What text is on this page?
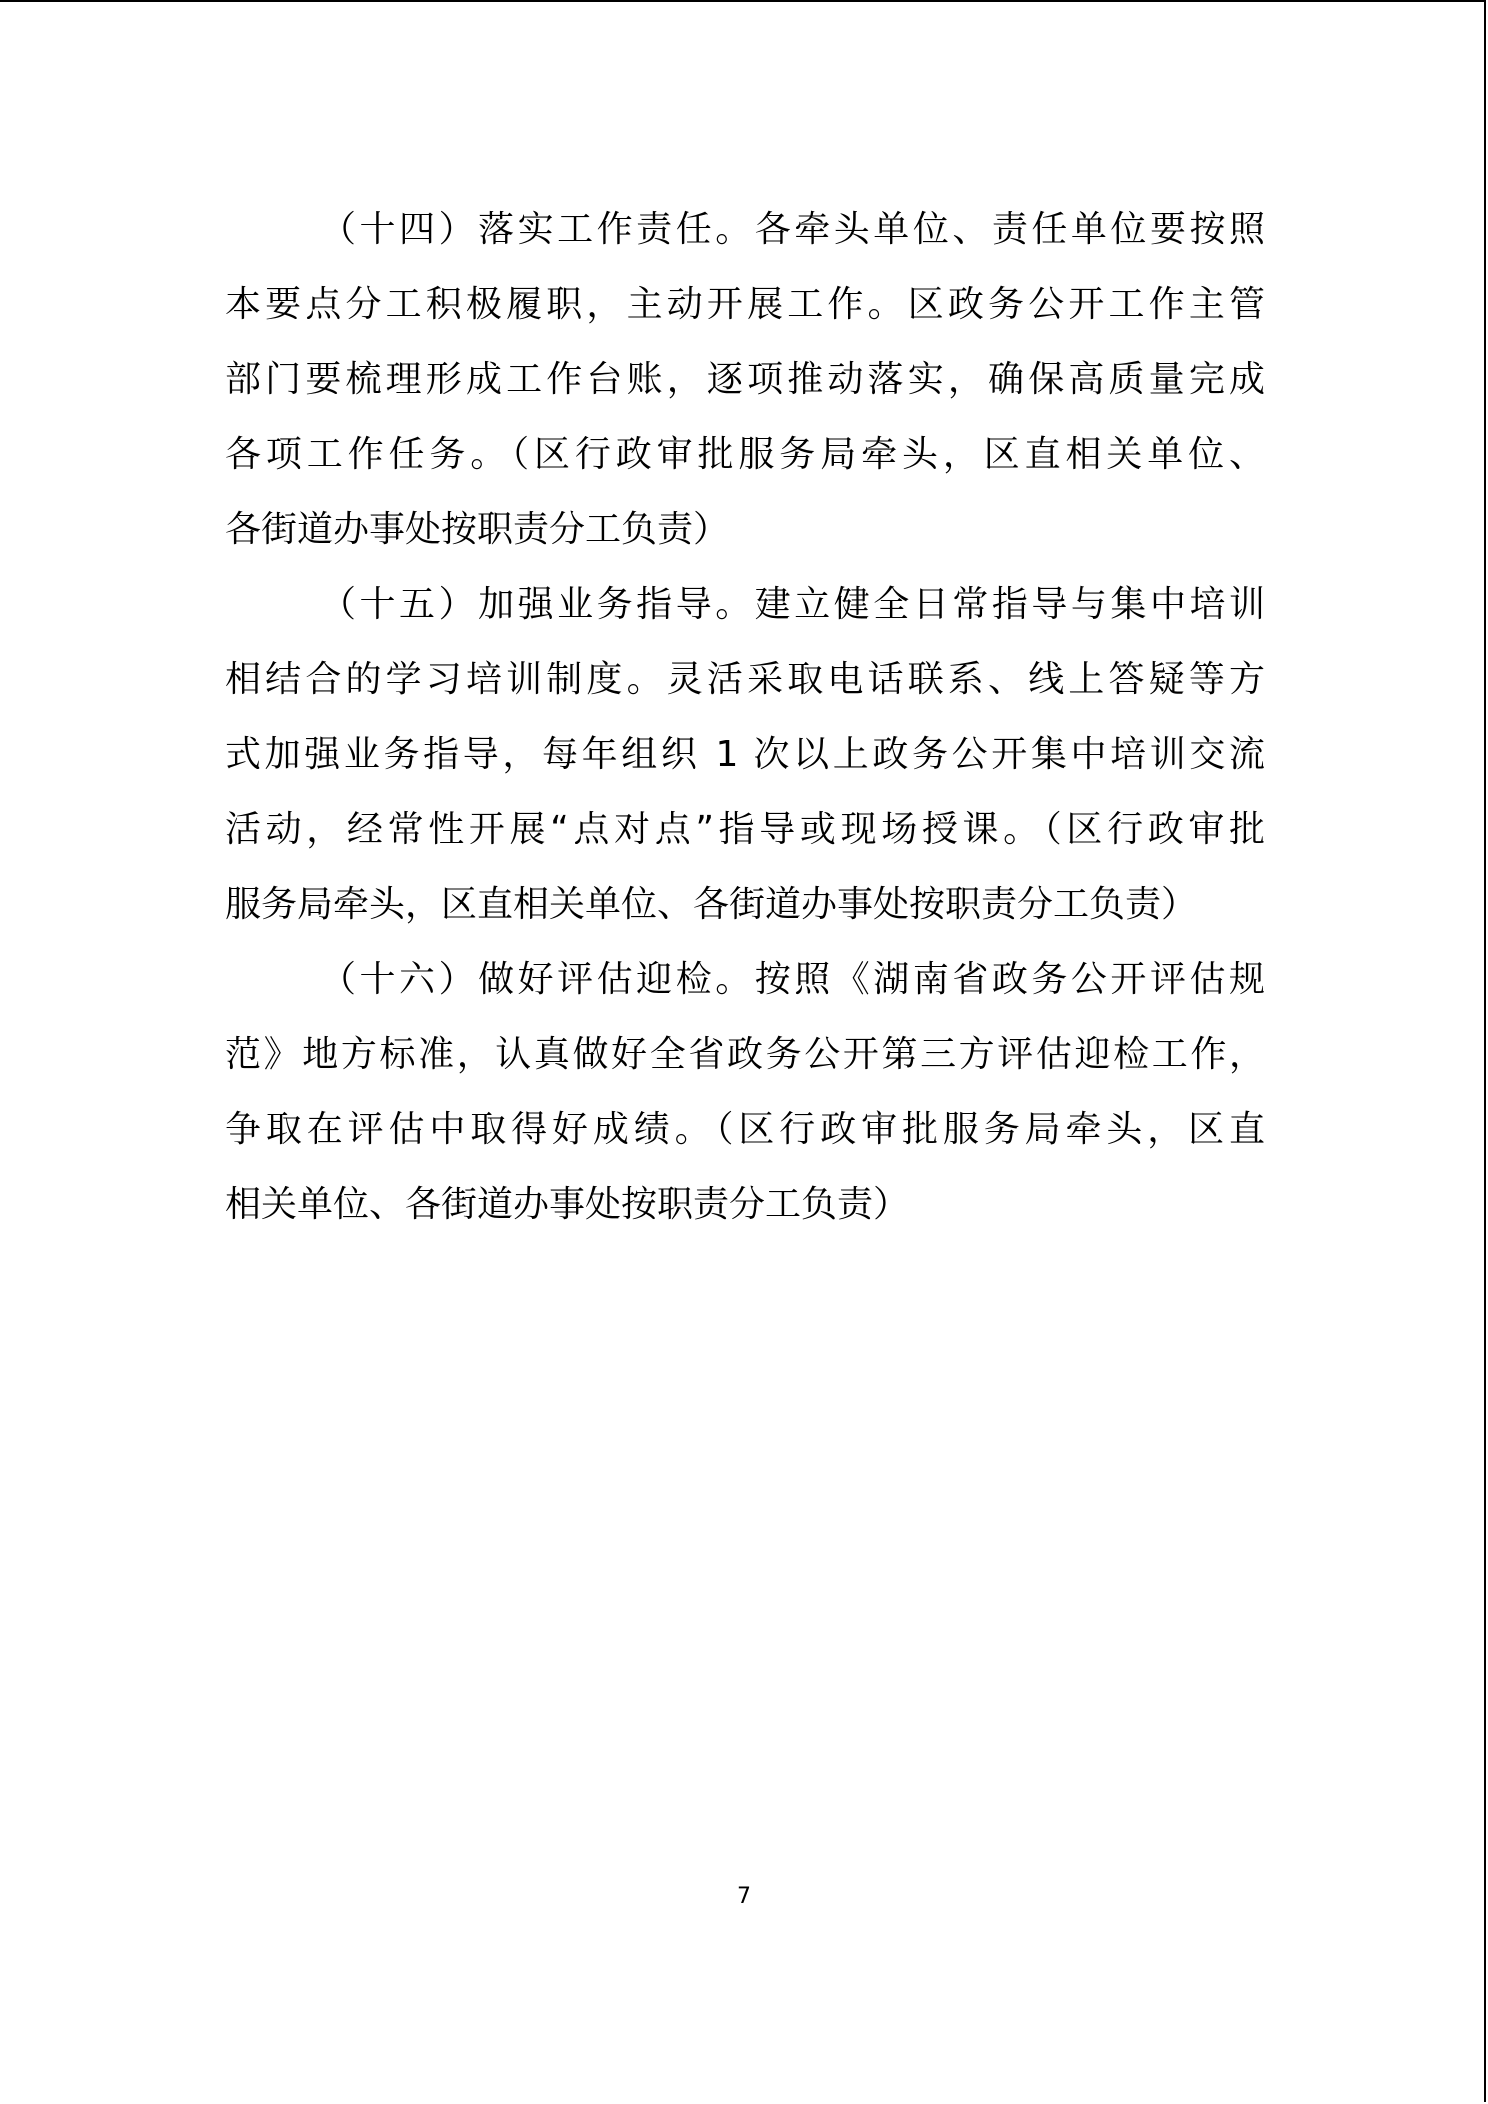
（十四）落实工作责任。各牵头单位、责任单位要按照
本要点分工积极履职，主动开展工作。区政务公开工作主管
部门要梳理形成工作台账，逐项推动落实，确保高质量完成
各项工作任务。（区行政审批服务局牵头，区直相关单位、
各街道办事处按职责分工负责）
（十五）加强业务指导。建立健全日常指导与集中培训
相结合的学习培训制度。灵活采取电话联系、线上答疑等方
式加强业务指导，每年组织 1 次以上政务公开集中培训交流
活动，经常性开展“点对点”指导或现场授课。（区行政审批
服务局牵头，区直相关单位、各街道办事处按职责分工负责）
（十六）做好评估迎检。按照《湖南省政务公开评估规
范》地方标准，认真做好全省政务公开第三方评估迎检工作，
争取在评估中取得好成绩。（区行政审批服务局牵头，区直
相关单位、各街道办事处按职责分工负责）
7
